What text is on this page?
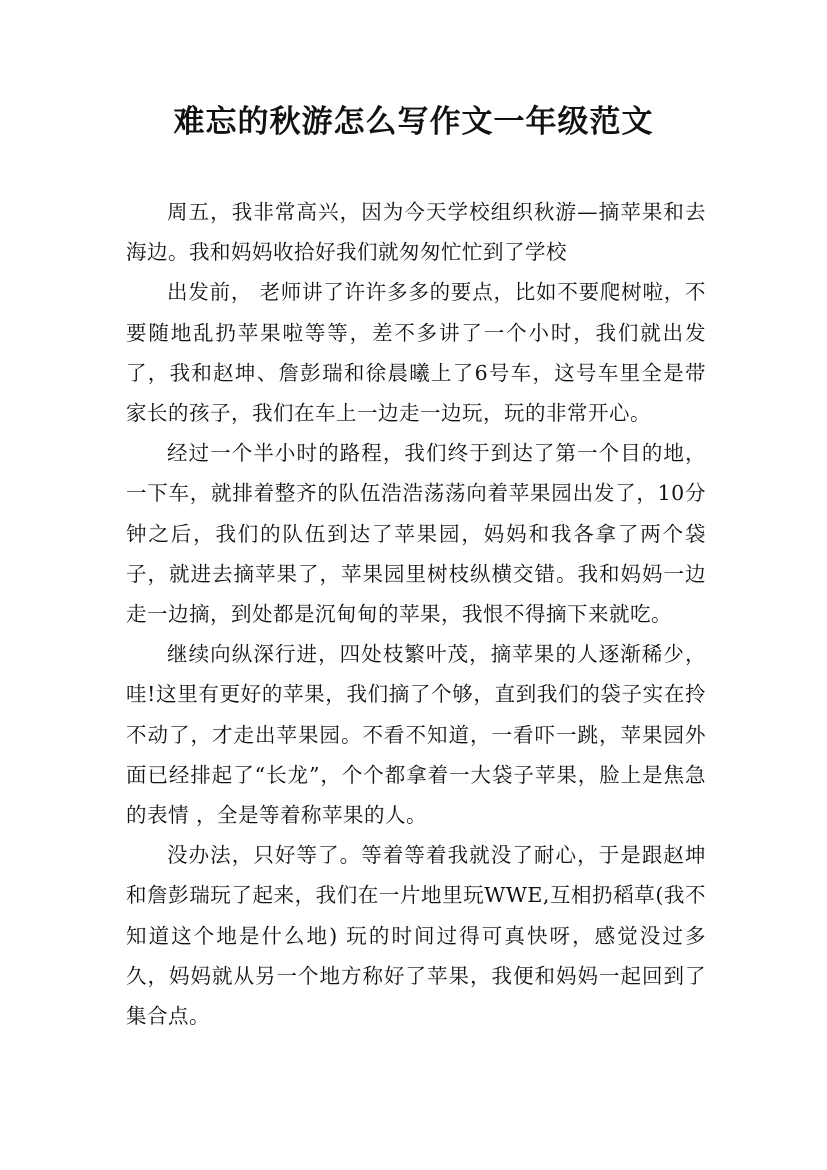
难忘的秋游怎么写作文一年级范文

周五，我非常高兴，因为今天学校组织秋游—摘苹果和去海边。我和妈妈收拾好我们就匆匆忙忙到了学校

出发前， 老师讲了许许多多的要点，比如不要爬树啦，不要随地乱扔苹果啦等等，差不多讲了一个小时，我们就出发了，我和赵坤、詹彭瑞和徐晨曦上了6号车，这号车里全是带家长的孩子，我们在车上一边走一边玩，玩的非常开心。

经过一个半小时的路程，我们终于到达了第一个目的地，一下车，就排着整齐的队伍浩浩荡荡向着苹果园出发了，10分钟之后，我们的队伍到达了苹果园，妈妈和我各拿了两个袋子，就进去摘苹果了，苹果园里树枝纵横交错。我和妈妈一边走一边摘，到处都是沉甸甸的苹果，我恨不得摘下来就吃。

继续向纵深行进，四处枝繁叶茂，摘苹果的人逐渐稀少，哇!这里有更好的苹果，我们摘了个够，直到我们的袋子实在拎不动了，才走出苹果园。不看不知道，一看吓一跳，苹果园外面已经排起了“长龙”，个个都拿着一大袋子苹果，脸上是焦急的表情 ，全是等着称苹果的人。

没办法，只好等了。等着等着我就没了耐心，于是跟赵坤和詹彭瑞玩了起来，我们在一片地里玩WWE,互相扔稻草(我不知道这个地是什么地) 玩的时间过得可真快呀，感觉没过多久，妈妈就从另一个地方称好了苹果，我便和妈妈一起回到了集合点。
